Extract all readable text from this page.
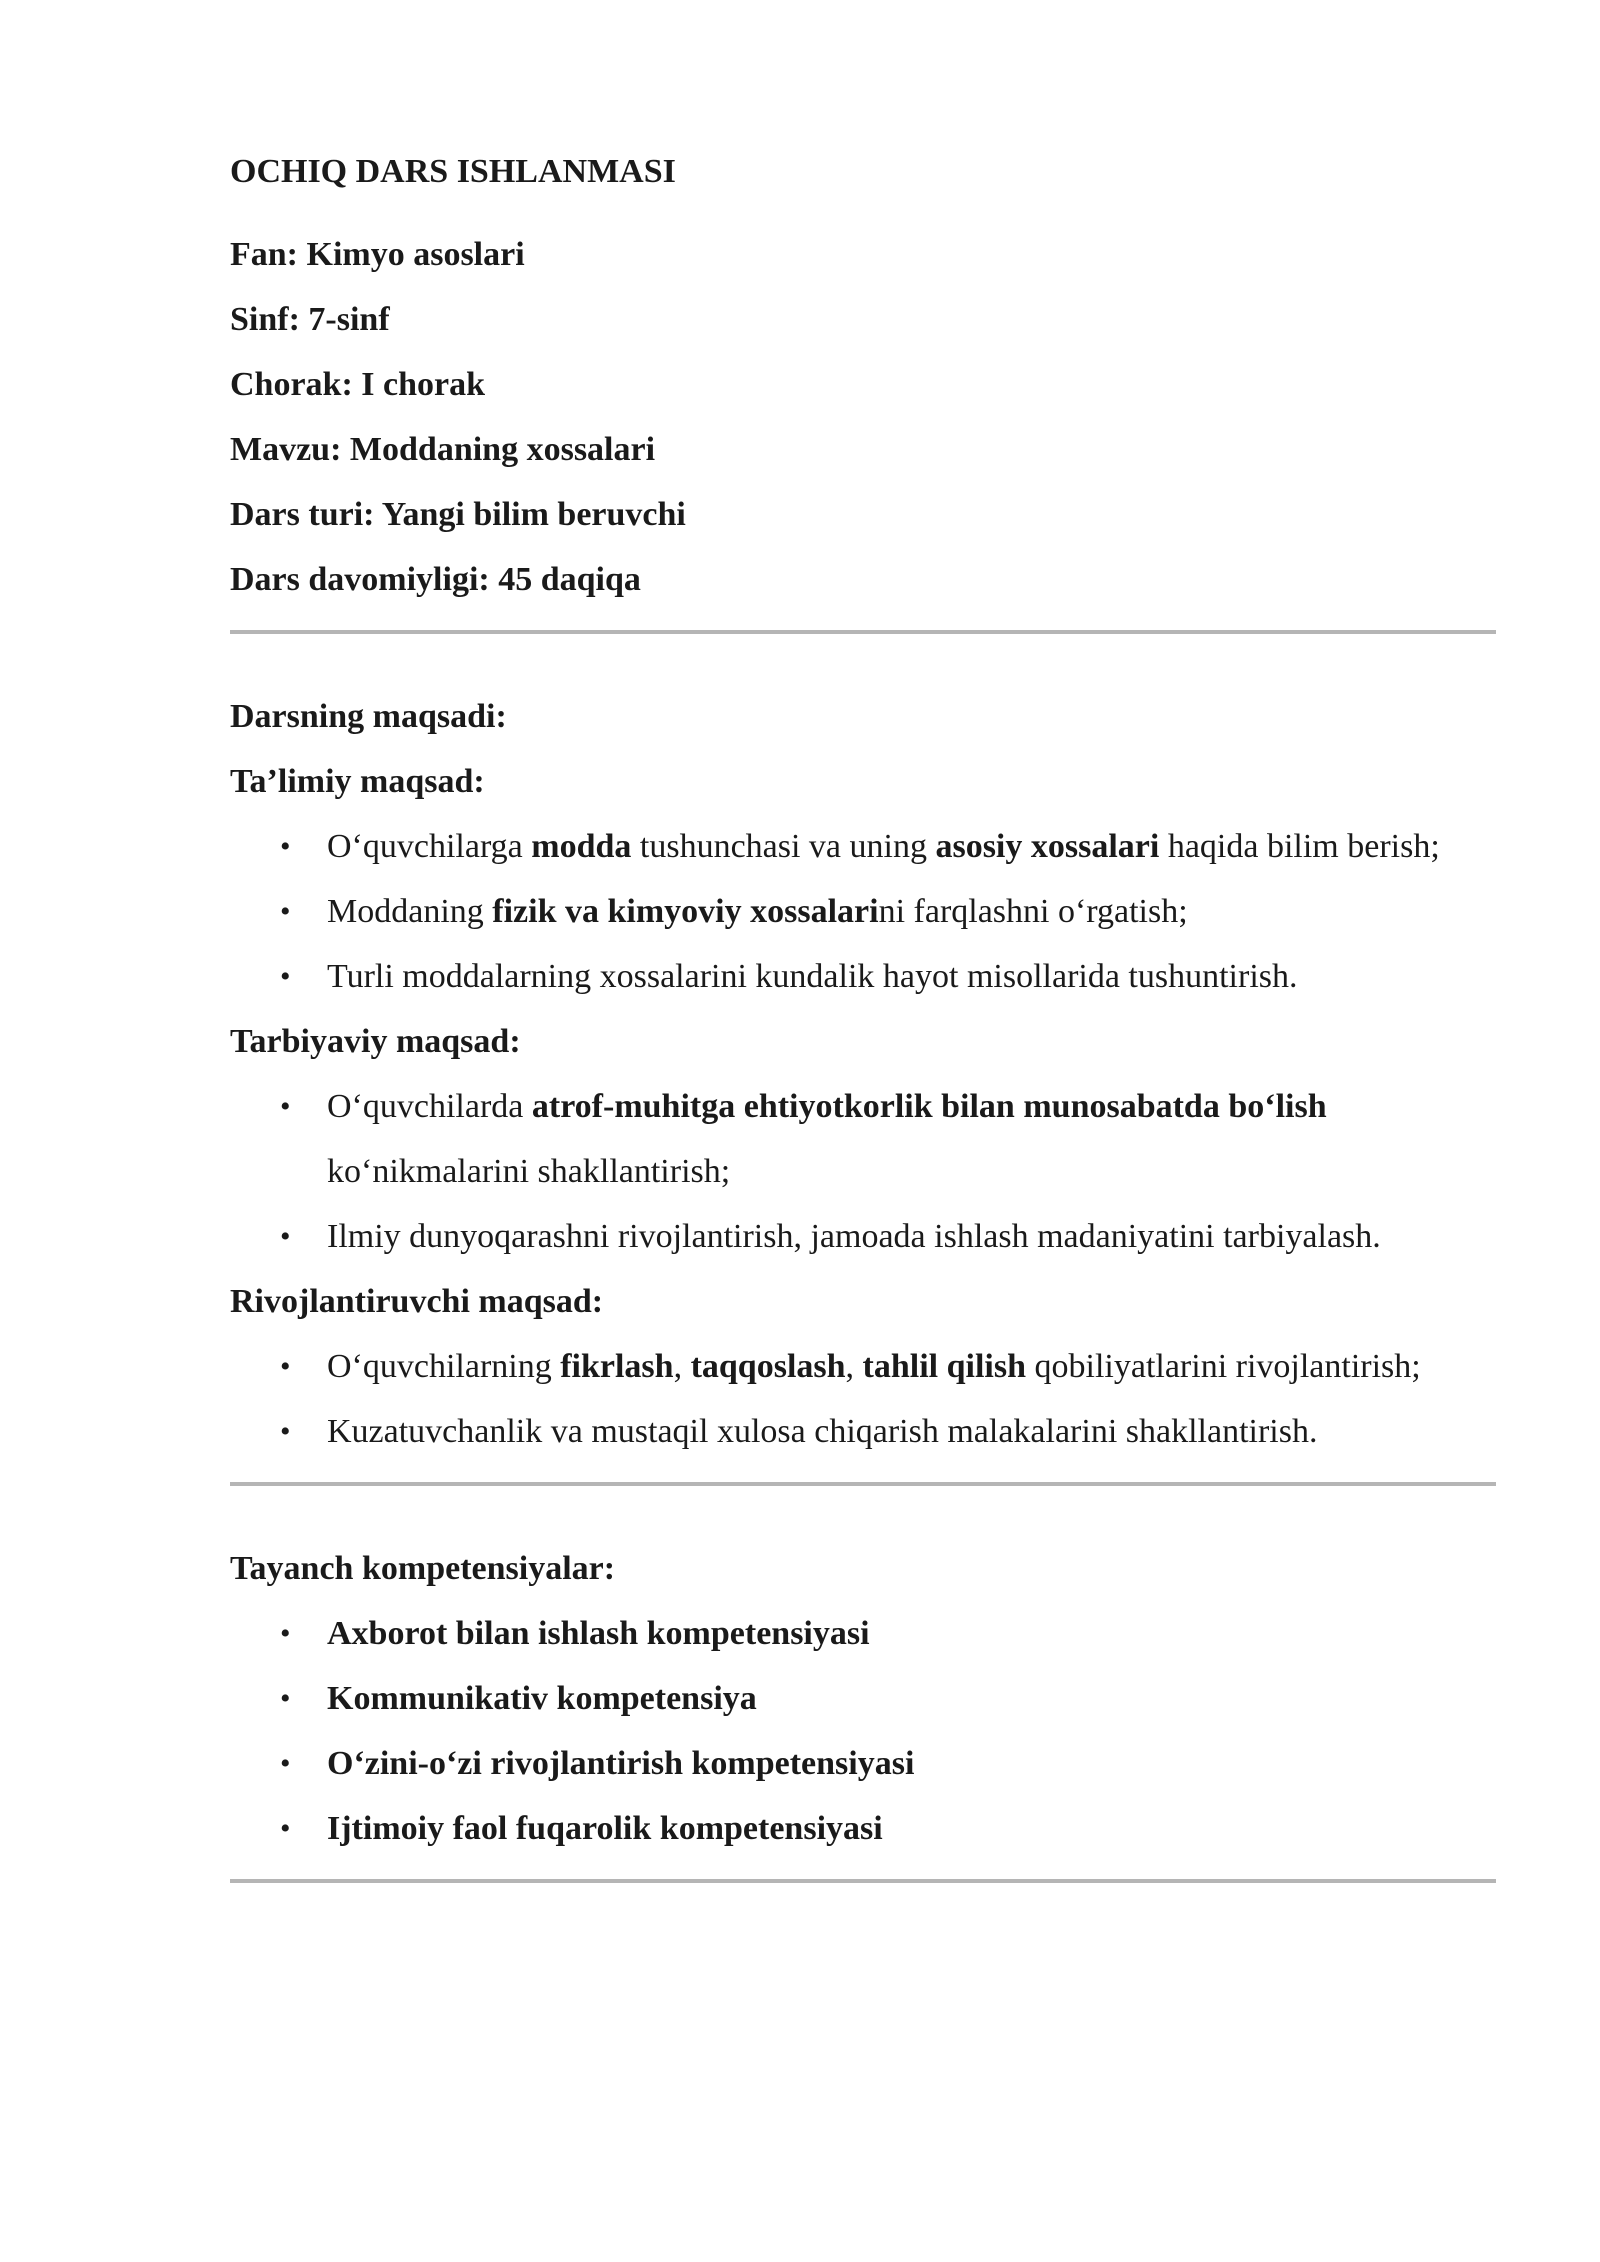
OCHIQ DARS ISHLANMASI

Fan: Kimyo asoslari

Sinf: 7-sinf

Chorak: I chorak

Mavzu: Moddaning xossalari

Dars turi: Yangi bilim beruvchi

Dars davomiyligi: 45 daqiqa

Darsning maqsadi:

Ta’limiy maqsad:

• O‘quvchilarga modda tushunchasi va uning asosiy xossalari haqida bilim berish;
• Moddaning fizik va kimyoviy xossalarini farqlashni o‘rgatish;
• Turli moddalarning xossalarini kundalik hayot misollarida tushuntirish.

Tarbiyaviy maqsad:

• O‘quvchilarda atrof-muhitga ehtiyotkorlik bilan munosabatda bo‘lish ko‘nikmalarini shakllantirish;
• Ilmiy dunyoqarashni rivojlantirish, jamoada ishlash madaniyatini tarbiyalash.

Rivojlantiruvchi maqsad:

• O‘quvchilarning fikrlash, taqqoslash, tahlil qilish qobiliyatlarini rivojlantirish;
• Kuzatuvchanlik va mustaqil xulosa chiqarish malakalarini shakllantirish.

Tayanch kompetensiyalar:

• Axborot bilan ishlash kompetensiyasi
• Kommunikativ kompetensiya
• O‘zini-o‘zi rivojlantirish kompetensiyasi
• Ijtimoiy faol fuqarolik kompetensiyasi
